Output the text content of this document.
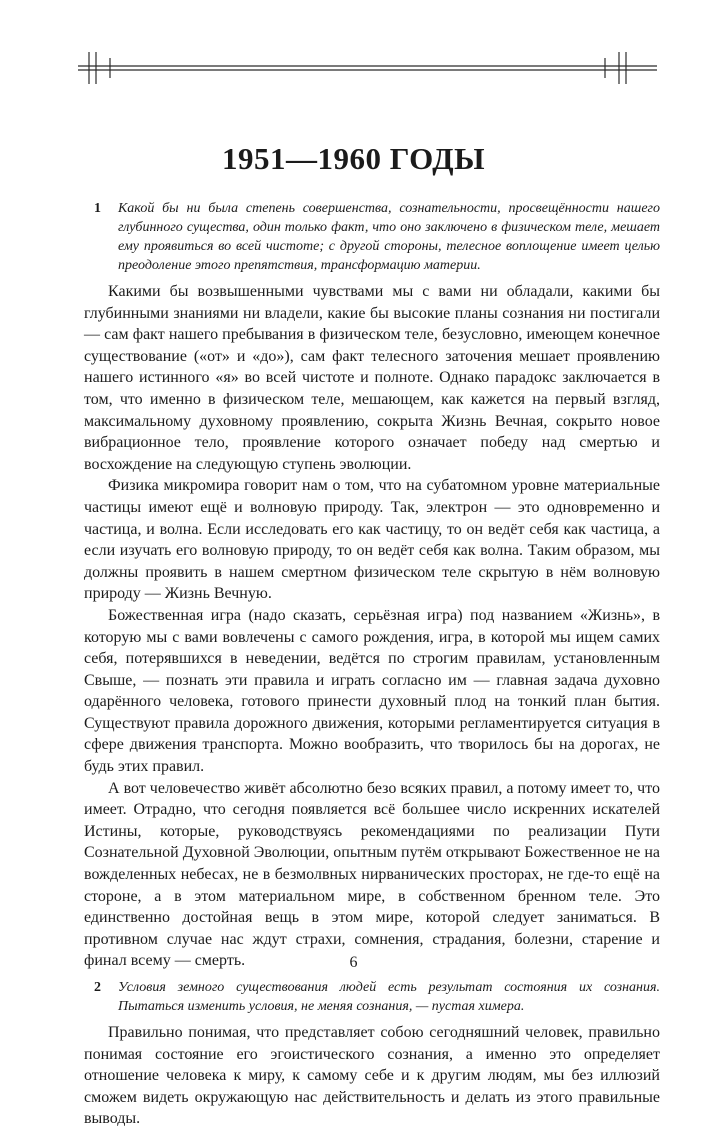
1951—1960 ГОДЫ
1 Какой бы ни была степень совершенства, сознательности, просвещённости нашего глубинного существа, один только факт, что оно заключено в физическом теле, мешает ему проявиться во всей чистоте; с другой стороны, телесное воплощение имеет целью преодоление этого препятствия, трансформацию материи.

Какими бы возвышенными чувствами мы с вами ни обладали, какими бы глубинными знаниями ни владели, какие бы высокие планы сознания ни постигали — сам факт нашего пребывания в физическом теле, безусловно, имеющем конечное существование («от» и «до»), сам факт телесного заточения мешает проявлению нашего истинного «я» во всей чистоте и полноте. Однако парадокс заключается в том, что именно в физическом теле, мешающем, как кажется на первый взгляд, максимальному духовному проявлению, сокрыта Жизнь Вечная, сокрыто новое вибрационное тело, проявление которого означает победу над смертью и восхождение на следующую ступень эволюции.

Физика микромира говорит нам о том, что на субатомном уровне материальные частицы имеют ещё и волновую природу. Так, электрон — это одновременно и частица, и волна. Если исследовать его как частицу, то он ведёт себя как частица, а если изучать его волновую природу, то он ведёт себя как волна. Таким образом, мы должны проявить в нашем смертном физическом теле скрытую в нём волновую природу — Жизнь Вечную.

Божественная игра (надо сказать, серьёзная игра) под названием «Жизнь», в которую мы с вами вовлечены с самого рождения, игра, в которой мы ищем самих себя, потерявшихся в неведении, ведётся по строгим правилам, установленным Свыше, — познать эти правила и играть согласно им — главная задача духовно одарённого человека, готового принести духовный плод на тонкий план бытия. Существуют правила дорожного движения, которыми регламентируется ситуация в сфере движения транспорта. Можно вообразить, что творилось бы на дорогах, не будь этих правил.

А вот человечество живёт абсолютно безо всяких правил, а потому имеет то, что имеет. Отрадно, что сегодня появляется всё большее число искренних искателей Истины, которые, руководствуясь рекомендациями по реализации Пути Сознательной Духовной Эволюции, опытным путём открывают Божественное не на вожделенных небесах, не в безмолвных нирванических просторах, не где-то ещё на стороне, а в этом материальном мире, в собственном бренном теле. Это единственно достойная вещь в этом мире, которой следует заниматься. В противном случае нас ждут страхи, сомнения, страдания, болезни, старение и финал всему — смерть.

2 Условия земного существования людей есть результат состояния их сознания. Пытаться изменить условия, не меняя сознания, — пустая химера.

Правильно понимая, что представляет собою сегодняшний человек, правильно понимая состояние его эгоистического сознания, а именно это определяет отношение человека к миру, к самому себе и к другим людям, мы без иллюзий сможем видеть окружающую нас действительность и делать из этого правильные выводы.

6
